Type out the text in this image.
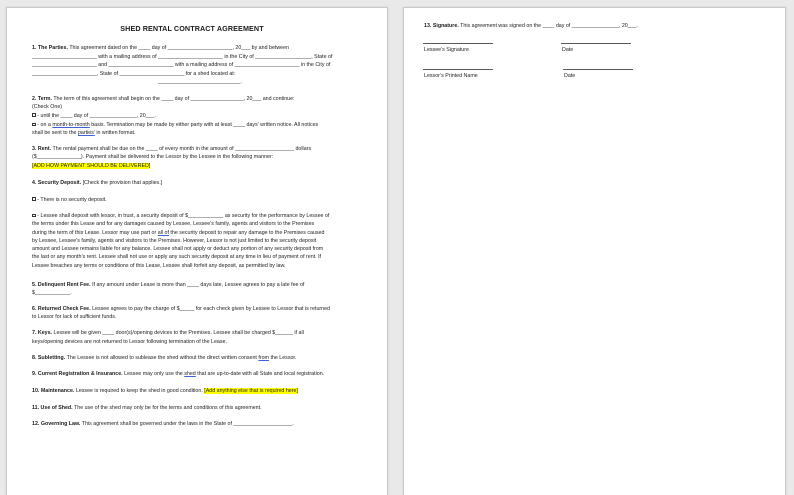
SHED RENTAL CONTRACT AGREEMENT
1. The Parties. This agreement dated on the ____ day of ______________________, 20___ by and between
______________________ with a mailing address of ______________________ in the City of ___________________, State of
______________________ and ______________________ with a mailing address of ______________________ in the City of
______________________, State of ______________________ for a shed located at:
____________________________.
2. Term. The term of this agreement shall begin on the ____ day of __________________, 20___ and continue:
(Check One)
- until the ____ day of ________________, 20___.
- on a month-to-month basis. Termination may be made by either party with at least ____ days’ written notice. All notices
shall be sent to the parties’ in written format.
3. Rent. The rental payment shall be due on the ____ of every month in the amount of ____________________ dollars
($_______________). Payment shall be delivered to the Lessor by the Lessee in the following manner:
[ADD HOW PAYMENT SHOULD BE DELIVERED]
4. Security Deposit. [Check the provision that applies.]
- There is no security deposit.
- Lessee shall deposit with lessor, in trust, a security deposit of $____________ as security for the performance by Lessee of
the terms under this Lease and for any damages caused by Lessee, Lessee’s family, agents and visitors to the Premises
during the term of this Lease. Lessor may use part or all of the security deposit to repair any damage to the Premises caused
by Lessee, Lessee’s family, agents and visitors to the Premises. However, Lessor is not just limited to the security deposit
amount and Lessee remains liable for any balance. Lessee shall not apply or deduct any portion of any security deposit from
the last or any month’s rent. Lessee shall not use or apply any such security deposit at any time in lieu of payment of rent. If
Lessee breaches any terms or conditions of this Lease, Lessee shall forfeit any deposit, as permitted by law.
5. Delinquent Rent Fee. If any amount under Lease is more than ____ days late, Lessee agrees to pay a late fee of
$____________.
6. Returned Check Fee. Lessee agrees to pay the charge of $_____ for each check given by Lessee to Lessor that is returned
to Lessor for lack of sufficient funds.
7. Keys. Lessee will be given ____ door(s)/opening devices to the Premises. Lessee shall be charged $______ if all
keys/opening devices are not returned to Lessor following termination of the Lease.
8. Subletting. The Lessee is not allowed to sublease the shed without the direct written consent from the Lessor.
9. Current Registration & Insurance. Lessee may only use the shed that are up-to-date with all State and local registration.
10. Maintenance. Lessee is required to keep the shed in good condition. [Add anything else that is required here]
11. Use of Shed. The use of the shed may only be for the terms and conditions of this agreement.
12. Governing Law. This agreement shall be governed under the laws in the State of ____________________.
13. Signature. This agreement was signed on the ____ day of ________________, 20___.
Lessee’s Signature	Date
Lessor’s Printed Name	Date
